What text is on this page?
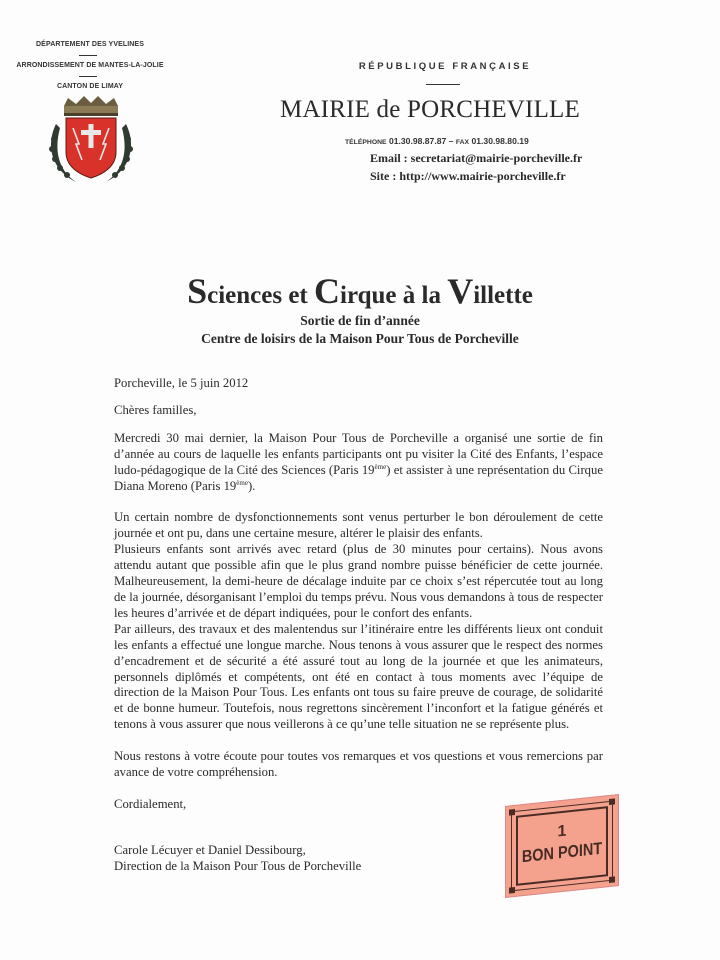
DÉPARTEMENT DES YVELINES
ARRONDISSEMENT DE MANTES-LA-JOLIE
CANTON DE LIMAY
RÉPUBLIQUE FRANÇAISE
MAIRIE de PORCHEVILLE
TÉLÉPHONE 01.30.98.87.87 – FAX 01.30.98.80.19
Email : secretariat@mairie-porcheville.fr
Site : http://www.mairie-porcheville.fr
Sciences et Cirque à la Villette
Sortie de fin d’année
Centre de loisirs de la Maison Pour Tous de Porcheville

Porcheville, le 5 juin 2012

Chères familles,

Mercredi 30 mai dernier, la Maison Pour Tous de Porcheville a organisé une sortie de fin d’année au cours de laquelle les enfants participants ont pu visiter la Cité des Enfants, l’espace ludo-pédagogique de la Cité des Sciences (Paris 19ème) et assister à une représentation du Cirque Diana Moreno (Paris 19ème).

Un certain nombre de dysfonctionnements sont venus perturber le bon déroulement de cette journée et ont pu, dans une certaine mesure, altérer le plaisir des enfants.

Plusieurs enfants sont arrivés avec retard (plus de 30 minutes pour certains). Nous avons attendu autant que possible afin que le plus grand nombre puisse bénéficier de cette journée. Malheureusement, la demi-heure de décalage induite par ce choix s’est répercutée tout au long de la journée, désorganisant l’emploi du temps prévu. Nous vous demandons à tous de respecter les heures d’arrivée et de départ indiquées, pour le confort des enfants.

Par ailleurs, des travaux et des malentendus sur l’itinéraire entre les différents lieux ont conduit les enfants a effectué une longue marche. Nous tenons à vous assurer que le respect des normes d’encadrement et de sécurité a été assuré tout au long de la journée et que les animateurs, personnels diplômés et compétents, ont été en contact à tous moments avec l’équipe de direction de la Maison Pour Tous. Les enfants ont tous su faire preuve de courage, de solidarité et de bonne humeur. Toutefois, nous regrettons sincèrement l’inconfort et la fatigue générés et tenons à vous assurer que nous veillerons à ce qu’une telle situation ne se représente plus.

Nous restons à votre écoute pour toutes vos remarques et vos questions et vous remercions par avance de votre compréhension.

Cordialement,

Carole Lécuyer et Daniel Dessibourg,

Direction de la Maison Pour Tous de Porcheville

1
BON POINT
